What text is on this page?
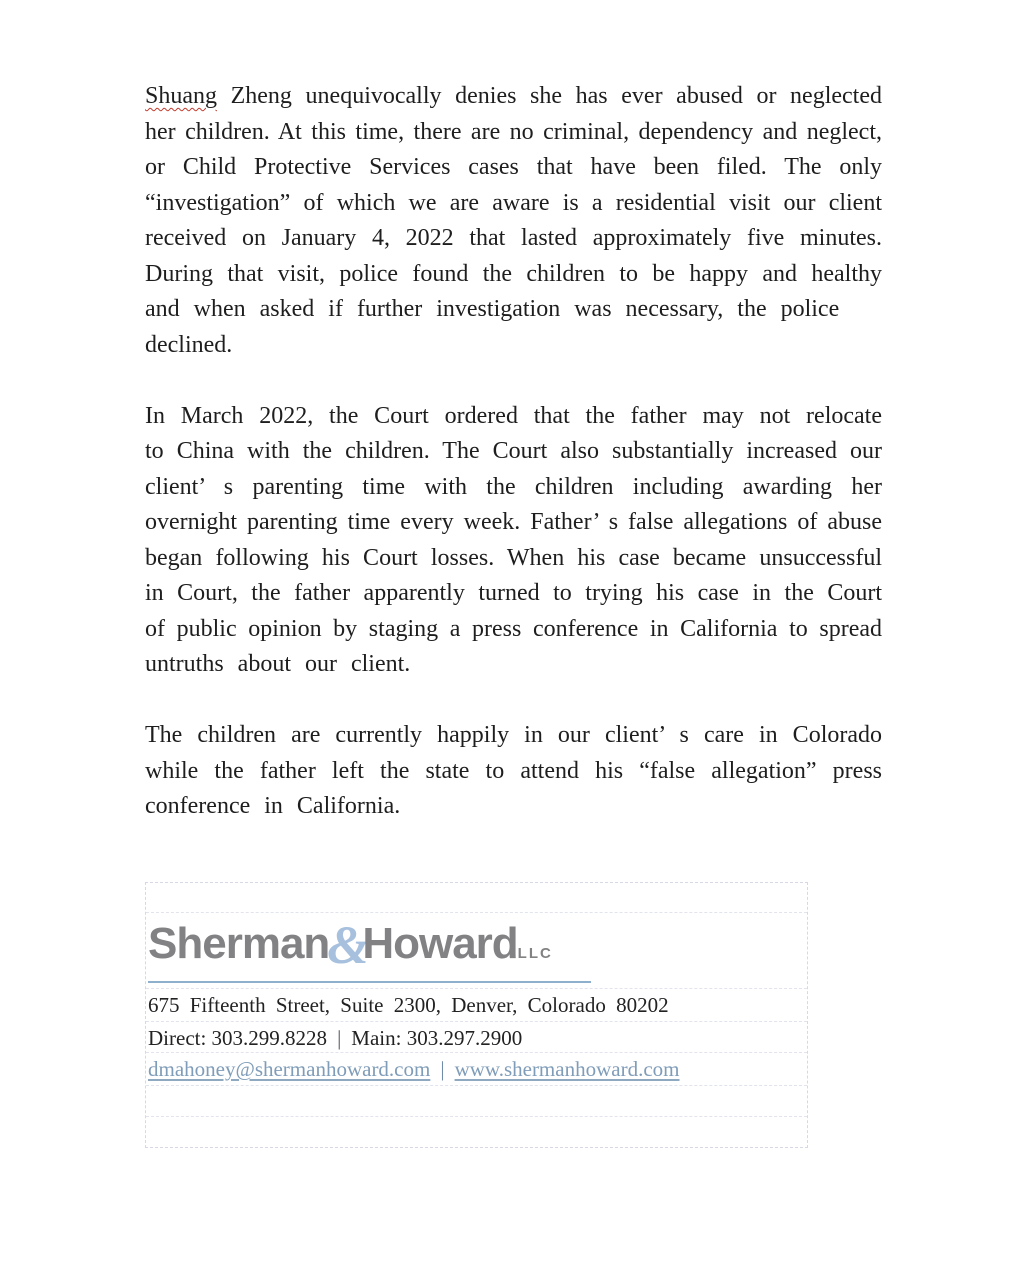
Shuang Zheng unequivocally denies she has ever abused or neglected
her children. At this time, there are no criminal, dependency and neglect,
or Child Protective Services cases that have been filed. The only
“investigation” of which we are aware is a residential visit our client
received on January 4, 2022 that lasted approximately five minutes.
During that visit, police found the children to be happy and healthy
and when asked if further investigation was necessary, the police declined.

In March 2022, the Court ordered that the father may not relocate
to China with the children. The Court also substantially increased our
client’ s parenting time with the children including awarding her
overnight parenting time every week. Father’ s false allegations of abuse
began following his Court losses. When his case became unsuccessful
in Court, the father apparently turned to trying his case in the Court
of public opinion by staging a press conference in California to spread
untruths about our client.

The children are currently happily in our client’ s care in Colorado
while the father left the state to attend his “false allegation” press
conference in California.

Sherman&HowardLLC
675 Fifteenth Street, Suite 2300, Denver, Colorado 80202
Direct: 303.299.8228 | Main: 303.297.2900
dmahoney@shermanhoward.com | www.shermanhoward.com
